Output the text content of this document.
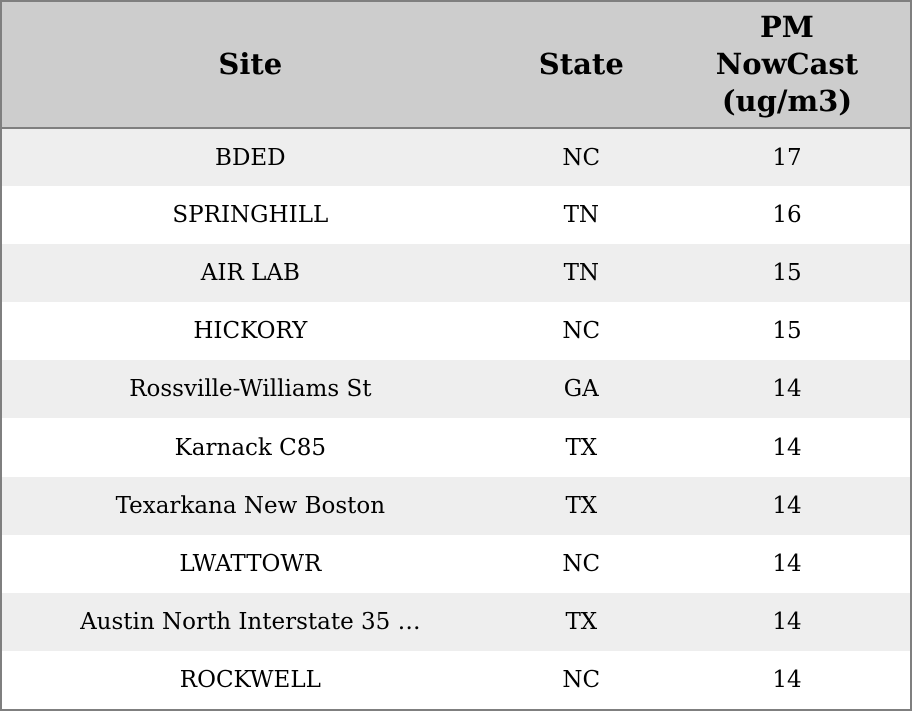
Site	State	PM NowCast (ug/m3)
BDED	NC	17
SPRINGHILL	TN	16
AIR LAB	TN	15
HICKORY	NC	15
Rossville-Williams St	GA	14
Karnack C85	TX	14
Texarkana New Boston	TX	14
LWATTOWR	NC	14
Austin North Interstate 35 …	TX	14
ROCKWELL	NC	14
